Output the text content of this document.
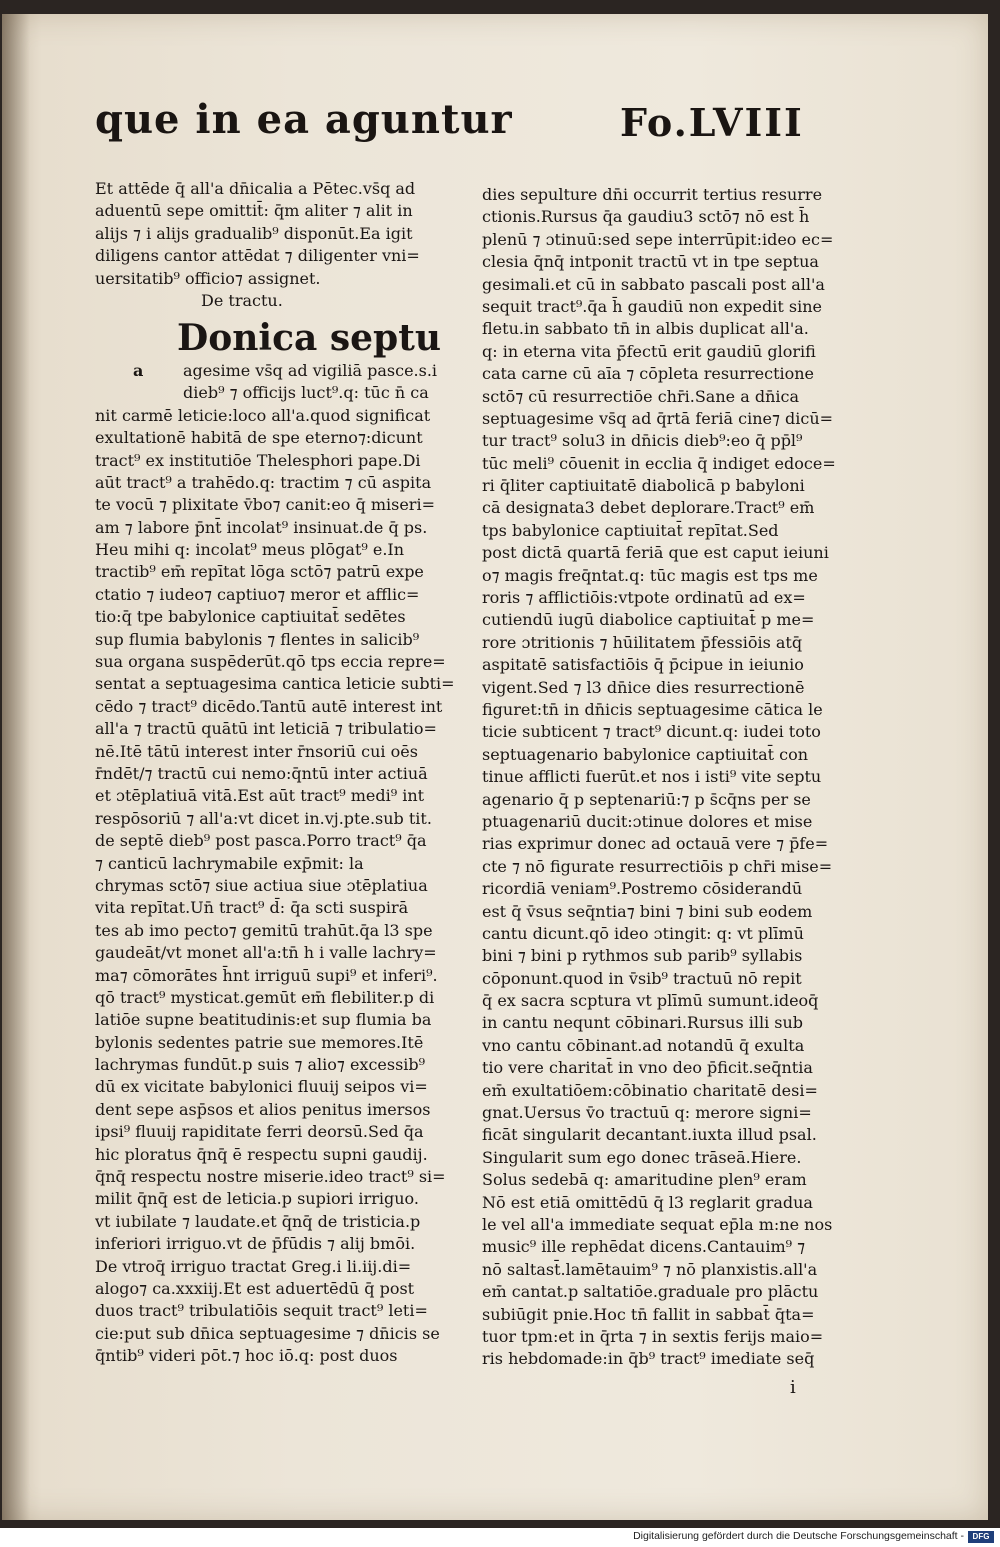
que in ea aguntur	Fo.LVIII
Et attēde q̄ all'a dn̄icalia a Pētec.vs̄q ad
aduentū sepe omittit̄: q̄m aliter ⁊ alit in
alijs ⁊ i alijs gradualib⁹ disponūt.Ea igit
diligens cantor attēdat ⁊ diligenter vni=
uersitatib⁹ officio⁊ assignet.
De tractu.
Donica septu
a agesime vs̄q ad vigiliā pasce.s.i
dieb⁹ ⁊ officijs luct⁹.q: tūc n̄ ca
nit carmē leticie:loco all'a.quod significat
exultationē habitā de spe eterno⁊:dicunt
tract⁹ ex institutiōe Thelesphori pape.Di
aūt tract⁹ a trahēdo.q: tractim ⁊ cū aspita
te vocū ⁊ plixitate v̄bo⁊ canit:eo q̄ miseri=
am ⁊ labore p̄nt̄ incolat⁹ insinuat.de q̄ ps.
Heu mihi q: incolat⁹ meus plōgat⁹ e.In
tractib⁹ em̄ repītat lōga sctō⁊ patrū expe
ctatio ⁊ iudeo⁊ captiuo⁊ meror et afflic=
tio:q̄ tpe babylonice captiuitat̄ sedētes
sup flumia babylonis ⁊ flentes in salicib⁹
sua organa suspēderūt.qō tps eccia repre=
sentat a septuagesima cantica leticie subti=
cēdo ⁊ tract⁹ dicēdo.Tantū autē interest int
all'a ⁊ tractū quātū int leticiā ⁊ tribulatio=
nē.Itē tātū interest inter r̄nsoriū cui oēs
r̄ndēt/⁊ tractū cui nemo:q̄ntū inter actiuā
et ɔtēplatiuā vitā.Est aūt tract⁹ medi⁹ int
respōsoriū ⁊ all'a:vt dicet in.vj.pte.sub tit.
de septē dieb⁹ post pasca.Porro tract⁹ q̄a
⁊ canticū lachrymabile exp̄mit: la
chrymas sctō⁊ siue actiua siue ɔtēplatiua
vita repītat.Un̄ tract⁹ d̄: q̄a scti suspirā
tes ab imo pecto⁊ gemitū trahūt.q̄a l3 spe
gaudeāt/vt monet all'a:tn̄ h i valle lachry=
ma⁊ cōmorātes h̄nt irriguū supi⁹ et inferi⁹.
qō tract⁹ mysticat.gemūt em̄ flebiliter.p di
latiōe supne beatitudinis:et sup flumia ba
bylonis sedentes patrie sue memores.Itē
lachrymas fundūt.p suis ⁊ alio⁊ excessib⁹
dū ex vicitate babylonici fluuij seipos vi=
dent sepe asp̄sos et alios penitus imersos
ipsi⁹ fluuij rapiditate ferri deorsū.Sed q̄a
hic ploratus q̄nq̄ ē respectu supni gaudij.
q̄nq̄ respectu nostre miserie.ideo tract⁹ si=
milit q̄nq̄ est de leticia.p supiori irriguo.
vt iubilate ⁊ laudate.et q̄nq̄ de tristicia.p
inferiori irriguo.vt de p̄fūdis ⁊ alij bmōi.
De vtroq̄ irriguo tractat Greg.i li.iij.di=
alogo⁊ ca.xxxiij.Et est aduertēdū q̄ post
duos tract⁹ tribulatiōis sequit tract⁹ leti=
cie:put sub dn̄ica septuagesime ⁊ dn̄icis se
q̄ntib⁹ videri pōt.⁊ hoc iō.q: post duos
dies sepulture dn̄i occurrit tertius resurre
ctionis.Rursus q̄a gaudiu3 sctō⁊ nō est h̄
plenū ⁊ ɔtinuū:sed sepe interrūpit:ideo ec=
clesia q̄nq̄ intponit tractū vt in tpe septua
gesimali.et cū in sabbato pascali post all'a
sequit tract⁹.q̄a h̄ gaudiū non expedit sine
fletu.in sabbato tn̄ in albis duplicat all'a.
q: in eterna vita p̄fectū erit gaudiū glorifi
cata carne cū aīa ⁊ cōpleta resurrectione
sctō⁊ cū resurrectiōe chr̄i.Sane a dn̄ica
septuagesime vs̄q ad q̄rtā feriā cine⁊ dicū=
tur tract⁹ solu3 in dn̄icis dieb⁹:eo q̄ pp̄l⁹
tūc meli⁹ cōuenit in ecclia q̄ indiget edoce=
ri q̄liter captiuitatē diabolicā p babyloni
cā designata3 debet deplorare.Tract⁹ em̄
tps babylonice captiuitat̄ repītat.Sed
post dictā quartā feriā que est caput ieiuni
o⁊ magis freq̄ntat.q: tūc magis est tps me
roris ⁊ afflictiōis:vtpote ordinatū ad ex=
cutiendū iugū diabolice captiuitat̄ p me=
rore ɔtritionis ⁊ hūilitatem p̄fessiōis atq̄
aspitatē satisfactiōis q̄ p̄cipue in ieiunio
vigent.Sed ⁊ l3 dn̄ice dies resurrectionē
figuret:tn̄ in dn̄icis septuagesime cātica le
ticie subticent ⁊ tract⁹ dicunt.q: iudei toto
septuagenario babylonice captiuitat̄ con
tinue afflicti fuerūt.et nos i isti⁹ vite septu
agenario q̄ p septenariū:⁊ p s̄cq̄ns per se
ptuagenariū ducit:ɔtinue dolores et mise
rias exprimur donec ad octauā vere ⁊ p̄fe=
cte ⁊ nō figurate resurrectiōis p chr̄i mise=
ricordiā veniam⁹.Postremo cōsiderandū
est q̄ v̄sus seq̄ntia⁊ bini ⁊ bini sub eodem
cantu dicunt.qō ideo ɔtingit: q: vt plīmū
bini ⁊ bini p rythmos sub parib⁹ syllabis
cōponunt.quod in v̄sib⁹ tractuū nō repit
q̄ ex sacra scptura vt plīmū sumunt.ideoq̄
in cantu nequnt cōbinari.Rursus illi sub
vno cantu cōbinant.ad notandū q̄ exulta
tio vere charitat̄ in vno deo p̄ficit.seq̄ntia
em̄ exultatiōem:cōbinatio charitatē desi=
gnat.Uersus v̄o tractuū q: merore signi=
ficāt singularit decantant.iuxta illud psal.
Singularit sum ego donec trāseā.Hiere.
Solus sedebā q: amaritudine plen⁹ eram
Nō est etiā omittēdū q̄ l3 reglarit gradua
le vel all'a immediate sequat ep̄la m:ne nos
music⁹ ille rephēdat dicens.Cantauim⁹ ⁊
nō saltast̄.lamētauim⁹ ⁊ nō planxistis.all'a
em̄ cantat.p saltatiōe.graduale pro plāctu
subiūgit pnie.Hoc tn̄ fallit in sabbat̄ q̄ta=
tuor tpm:et in q̄rta ⁊ in sextis ferijs maio=
ris hebdomade:in q̄b⁹ tract⁹ imediate seq̄
i
Digitalisierung gefördert durch die Deutsche Forschungsgemeinschaft -	DFG
